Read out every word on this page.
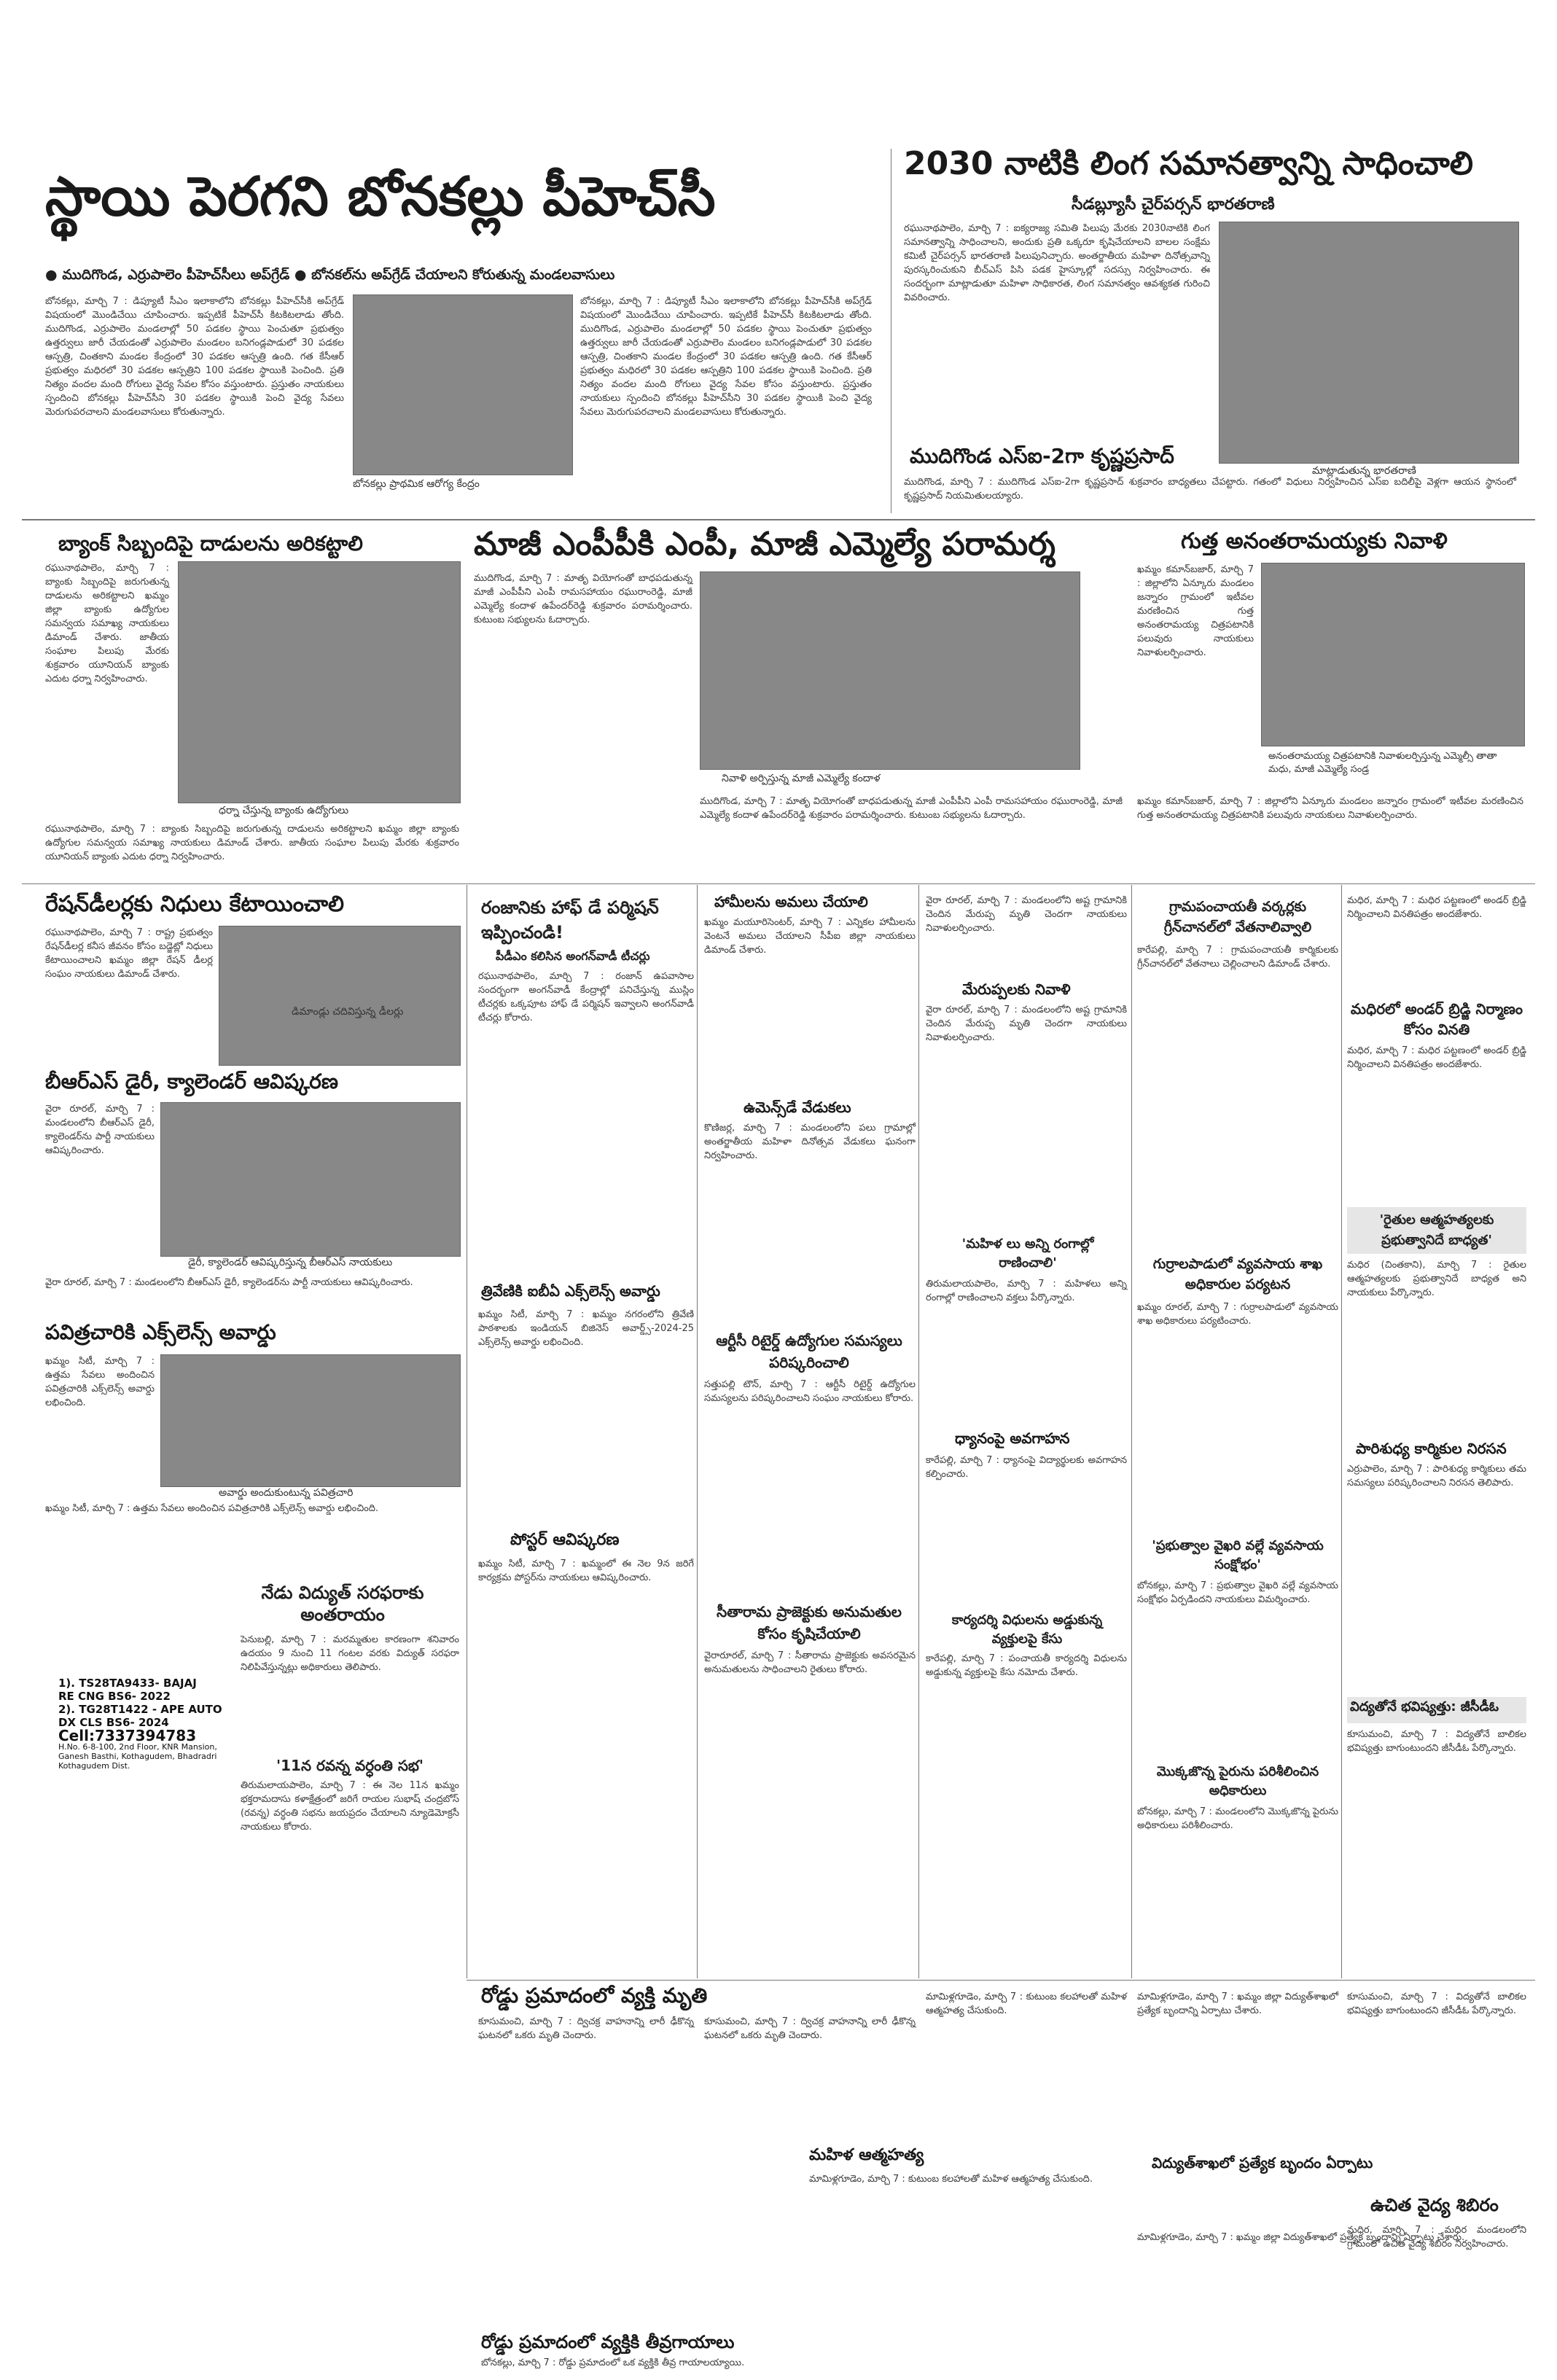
స్థాయి పెరగని బోనకల్లు పీహెచ్‌సీ
● ముదిగొండ, ఎర్రుపాలెం పీహెచ్‌సీలు అప్‌గ్రేడ్ ● బోనకల్‌ను అప్‌గ్రేడ్ చేయాలని కోరుతున్న మండలవాసులు
బోనకల్లు, మార్చి 7 : డిప్యూటీ సీఎం ఇలాకాలోని బోనకల్లు పీహెచ్‌సీకి అప్‌గ్రేడ్ విషయంలో మొండిచేయి చూపించారు. ఇప్పటికే పీహెచ్‌సీ కిటకిటలాడు తోంది. ముదిగొండ, ఎర్రుపాలెం మండలాల్లో 50 పడకల స్థాయి పెంచుతూ ప్రభుత్వం ఉత్తర్వులు జారీ చేయడంతో ఎర్రుపాలెం మండలం బనిగండ్లపాడులో 30 పడకల ఆస్పత్రి, చింతకాని మండల కేంద్రంలో 30 పడకల ఆస్పత్రి ఉంది. గత కేసీఆర్ ప్రభుత్వం మధిరలో 30 పడకల ఆస్పత్రిని 100 పడకల స్థాయికి పెంచింది. ప్రతి నిత్యం వందల మంది రోగులు వైద్య సేవల కోసం వస్తుంటారు. ప్రస్తుతం నాయకులు స్పందించి బోనకల్లు పీహెచ్‌సీని 30 పడకల స్థాయికి పెంచి వైద్య సేవలు మెరుగుపరచాలని మండలవాసులు కోరుతున్నారు.
బోనకల్లు ప్రాథమిక ఆరోగ్య కేంద్రం
బోనకల్లు, మార్చి 7 : డిప్యూటీ సీఎం ఇలాకాలోని బోనకల్లు పీహెచ్‌సీకి అప్‌గ్రేడ్ విషయంలో మొండిచేయి చూపించారు. ఇప్పటికే పీహెచ్‌సీ కిటకిటలాడు తోంది. ముదిగొండ, ఎర్రుపాలెం మండలాల్లో 50 పడకల స్థాయి పెంచుతూ ప్రభుత్వం ఉత్తర్వులు జారీ చేయడంతో ఎర్రుపాలెం మండలం బనిగండ్లపాడులో 30 పడకల ఆస్పత్రి, చింతకాని మండల కేంద్రంలో 30 పడకల ఆస్పత్రి ఉంది. గత కేసీఆర్ ప్రభుత్వం మధిరలో 30 పడకల ఆస్పత్రిని 100 పడకల స్థాయికి పెంచింది. ప్రతి నిత్యం వందల మంది రోగులు వైద్య సేవల కోసం వస్తుంటారు. ప్రస్తుతం నాయకులు స్పందించి బోనకల్లు పీహెచ్‌సీని 30 పడకల స్థాయికి పెంచి వైద్య సేవలు మెరుగుపరచాలని మండలవాసులు కోరుతున్నారు.
2030 నాటికి లింగ సమానత్వాన్ని సాధించాలి
సీడబ్ల్యూసీ చైర్‌పర్సన్ భారతరాణి
రఘునాథపాలెం, మార్చి 7 : ఐక్యరాజ్య సమితి పిలుపు మేరకు 2030నాటికి లింగ సమానత్వాన్ని సాధించాలని, అందుకు ప్రతి ఒక్కరూ కృషిచేయాలని బాలల సంక్షేమ కమిటీ చైర్‌పర్సన్ భారతరాణి పిలుపునిచ్చారు. అంతర్జాతీయ మహిళా దినోత్సవాన్ని పురస్కరించుకుని బీచ్‌ఎస్ పిసి పడక హైస్కూల్లో సదస్సు నిర్వహించారు. ఈ సందర్భంగా మాట్లాడుతూ మహిళా సాధికారత, లింగ సమానత్వం ఆవశ్యకత గురించి వివరించారు.
మాట్లాడుతున్న భారతరాణి
ముదిగొండ ఎస్ఐ-2గా కృష్ణప్రసాద్
ముదిగొండ, మార్చి 7 : ముదిగొండ ఎస్ఐ-2గా కృష్ణప్రసాద్ శుక్రవారం బాధ్యతలు చేపట్టారు. గతంలో విధులు నిర్వహించిన ఎస్ఐ బదిలీపై వెళ్లగా ఆయన స్థానంలో కృష్ణప్రసాద్ నియమితులయ్యారు.
బ్యాంక్ సిబ్బందిపై దాడులను అరికట్టాలి
రఘునాథపాలెం, మార్చి 7 : బ్యాంకు సిబ్బందిపై జరుగుతున్న దాడులను అరికట్టాలని ఖమ్మం జిల్లా బ్యాంకు ఉద్యోగుల సమన్వయ సమాఖ్య నాయకులు డిమాండ్ చేశారు. జాతీయ సంఘాల పిలుపు మేరకు శుక్రవారం యూనియన్ బ్యాంకు ఎదుట ధర్నా నిర్వహించారు.
ధర్నా చేస్తున్న బ్యాంకు ఉద్యోగులు
రఘునాథపాలెం, మార్చి 7 : బ్యాంకు సిబ్బందిపై జరుగుతున్న దాడులను అరికట్టాలని ఖమ్మం జిల్లా బ్యాంకు ఉద్యోగుల సమన్వయ సమాఖ్య నాయకులు డిమాండ్ చేశారు. జాతీయ సంఘాల పిలుపు మేరకు శుక్రవారం యూనియన్ బ్యాంకు ఎదుట ధర్నా నిర్వహించారు.
మాజీ ఎంపీపీకి ఎంపీ, మాజీ ఎమ్మెల్యే పరామర్శ
ముదిగొండ, మార్చి 7 : మాతృ వియోగంతో బాధపడుతున్న మాజీ ఎంపీపీని ఎంపీ రామసహాయం రఘురాంరెడ్డి, మాజీ ఎమ్మెల్యే కందాళ ఉపేందర్‌రెడ్డి శుక్రవారం పరామర్శించారు. కుటుంబ సభ్యులను ఓదార్చారు.
నివాళి అర్పిస్తున్న మాజీ ఎమ్మెల్యే కందాళ
ముదిగొండ, మార్చి 7 : మాతృ వియోగంతో బాధపడుతున్న మాజీ ఎంపీపీని ఎంపీ రామసహాయం రఘురాంరెడ్డి, మాజీ ఎమ్మెల్యే కందాళ ఉపేందర్‌రెడ్డి శుక్రవారం పరామర్శించారు. కుటుంబ సభ్యులను ఓదార్చారు.
గుత్త అనంతరామయ్యకు నివాళి
ఖమ్మం కమాన్‌బజార్, మార్చి 7 : జిల్లాలోని ఏన్కూరు మండలం జన్నారం గ్రామంలో ఇటీవల మరణించిన గుత్త అనంతరామయ్య చిత్రపటానికి పలువురు నాయకులు నివాళులర్పించారు.
అనంతరామయ్య చిత్రపటానికి నివాళులర్పిస్తున్న ఎమ్మెల్సీ తాతా మధు, మాజీ ఎమ్మెల్యే సండ్ర
ఖమ్మం కమాన్‌బజార్, మార్చి 7 : జిల్లాలోని ఏన్కూరు మండలం జన్నారం గ్రామంలో ఇటీవల మరణించిన గుత్త అనంతరామయ్య చిత్రపటానికి పలువురు నాయకులు నివాళులర్పించారు.
రేషన్‌డీలర్లకు నిధులు కేటాయించాలి
రఘునాథపాలెం, మార్చి 7 : రాష్ట్ర ప్రభుత్వం రేషన్‌డీలర్ల కనీస జీవనం కోసం బడ్జెట్లో నిధులు కేటాయించాలని ఖమ్మం జిల్లా రేషన్ డీలర్ల సంఘం నాయకులు డిమాండ్ చేశారు.
డిమాండ్లు చదివిస్తున్న డీలర్లు
బీఆర్ఎస్ డైరీ, క్యాలెండర్ ఆవిష్కరణ
వైరా రూరల్, మార్చి 7 : మండలంలోని బీఆర్ఎస్ డైరీ, క్యాలెండర్‌ను పార్టీ నాయకులు ఆవిష్కరించారు.
డైరీ, క్యాలెండర్ ఆవిష్కరిస్తున్న బీఆర్ఎస్ నాయకులు
వైరా రూరల్, మార్చి 7 : మండలంలోని బీఆర్ఎస్ డైరీ, క్యాలెండర్‌ను పార్టీ నాయకులు ఆవిష్కరించారు.
పవిత్రచారికి ఎక్స్‌లెన్స్ అవార్డు
ఖమ్మం సిటీ, మార్చి 7 : ఉత్తమ సేవలు అందించిన పవిత్రచారికి ఎక్స్‌లెన్స్ అవార్డు లభించింది.
అవార్డు అందుకుంటున్న పవిత్రచారి
ఖమ్మం సిటీ, మార్చి 7 : ఉత్తమ సేవలు అందించిన పవిత్రచారికి ఎక్స్‌లెన్స్ అవార్డు లభించింది.
నేడు విద్యుత్ సరఫరాకు అంతరాయం
పెనుబల్లి, మార్చి 7 : మరమ్మతుల కారణంగా శనివారం ఉదయం 9 నుంచి 11 గంటల వరకు విద్యుత్ సరఫరా నిలిపివేస్తున్నట్లు అధికారులు తెలిపారు.
1). TS28TA9433- BAJAJ
RE CNG BS6- 2022
2). TG28T1422 - APE AUTO
DX CLS BS6- 2024
Cell:7337394783
H.No. 6-8-100, 2nd Floor, KNR Mansion, Ganesh Basthi, Kothagudem, Bhadradri Kothagudem Dist.	'11న రవన్న వర్ధంతి సభ'
తిరుమలాయపాలెం, మార్చి 7 : ఈ నెల 11న ఖమ్మం భక్తరామదాసు కళాక్షేత్రంలో జరిగే రాయల సుభాష్ చంద్రబోస్ (రవన్న) వర్ధంతి సభను జయప్రదం చేయాలని న్యూడెమోక్రసీ నాయకులు కోరారు.
రంజానికు హాఫ్ డే పర్మిషన్ ఇప్పించండి!
పీడీఎం కలిసిన అంగన్‌వాడీ టీచర్లు
రఘునాథపాలెం, మార్చి 7 : రంజాన్ ఉపవాసాల సందర్భంగా అంగన్‌వాడీ కేంద్రాల్లో పనిచేస్తున్న ముస్లిం టీచర్లకు ఒక్కపూట హాఫ్ డే పర్మిషన్ ఇవ్వాలని అంగన్‌వాడీ టీచర్లు కోరారు.
త్రివేణికి ఐబీఏ ఎక్స్‌లెన్స్ అవార్డు
ఖమ్మం సిటీ, మార్చి 7 : ఖమ్మం నగరంలోని త్రివేణి పాఠశాలకు ఇండియన్ బిజినెస్ అవార్డ్స్-2024-25 ఎక్స్‌లెన్స్ అవార్డు లభించింది.
పోస్టర్ ఆవిష్కరణ
ఖమ్మం సిటీ, మార్చి 7 : ఖమ్మంలో ఈ నెల 9న జరిగే కార్యక్రమ పోస్టర్‌ను నాయకులు ఆవిష్కరించారు.
హామీలను అమలు చేయాలి
ఖమ్మం మయూరిసెంటర్, మార్చి 7 : ఎన్నికల హామీలను వెంటనే అమలు చేయాలని సీపీఐ జిల్లా నాయకులు డిమాండ్ చేశారు.
ఉమెన్స్‌డే వేడుకలు
కొణిజర్ల, మార్చి 7 : మండలంలోని పలు గ్రామాల్లో అంతర్జాతీయ మహిళా దినోత్సవ వేడుకలు ఘనంగా నిర్వహించారు.
ఆర్టీసీ రిటైర్డ్ ఉద్యోగుల సమస్యలు పరిష్కరించాలి
సత్తుపల్లి టౌన్, మార్చి 7 : ఆర్టీసీ రిటైర్డ్ ఉద్యోగుల సమస్యలను పరిష్కరించాలని సంఘం నాయకులు కోరారు.
సీతారామ ప్రాజెక్టుకు అనుమతుల కోసం కృషిచేయాలి
వైరారూరల్, మార్చి 7 : సీతారామ ప్రాజెక్టుకు అవసరమైన అనుమతులను సాధించాలని రైతులు కోరారు.
వైరా రూరల్, మార్చి 7 : మండలంలోని అష్ట గ్రామానికి చెందిన మేరుప్ప మృతి చెందగా నాయకులు నివాళులర్పించారు.
మేరుప్పలకు నివాళి
వైరా రూరల్, మార్చి 7 : మండలంలోని అష్ట గ్రామానికి చెందిన మేరుప్ప మృతి చెందగా నాయకులు నివాళులర్పించారు.
'మహిళ లు అన్ని రంగాల్లో రాణించాలి'
తిరుమలాయపాలెం, మార్చి 7 : మహిళలు అన్ని రంగాల్లో రాణించాలని వక్తలు పేర్కొన్నారు.
ధ్యానంపై అవగాహన
కారేపల్లి, మార్చి 7 : ధ్యానంపై విద్యార్థులకు అవగాహన కల్పించారు.
కార్యదర్శి విధులను అడ్డుకున్న వ్యక్తులపై కేసు
కారేపల్లి, మార్చి 7 : పంచాయతీ కార్యదర్శి విధులను అడ్డుకున్న వ్యక్తులపై కేసు నమోదు చేశారు.
గ్రామపంచాయతీ వర్కర్లకు గ్రీన్‌చానల్‌లో వేతనాలివ్వాలి
కారేపల్లి, మార్చి 7 : గ్రామపంచాయతీ కార్మికులకు గ్రీన్‌చానల్‌లో వేతనాలు చెల్లించాలని డిమాండ్ చేశారు.
గుర్రాలపాడులో వ్యవసాయ శాఖ అధికారుల పర్యటన
ఖమ్మం రూరల్, మార్చి 7 : గుర్రాలపాడులో వ్యవసాయ శాఖ అధికారులు పర్యటించారు.
'ప్రభుత్వాల వైఖరి వల్లే వ్యవసాయ సంక్షోభం'
బోనకల్లు, మార్చి 7 : ప్రభుత్వాల వైఖరి వల్లే వ్యవసాయ సంక్షోభం ఏర్పడిందని నాయకులు విమర్శించారు.
మొక్కజొన్న పైరును పరిశీలించిన అధికారులు
బోనకల్లు, మార్చి 7 : మండలంలోని మొక్కజొన్న పైరును అధికారులు పరిశీలించారు.
మధిర, మార్చి 7 : మధిర పట్టణంలో అండర్ బ్రిడ్జి నిర్మించాలని వినతిపత్రం అందజేశారు.
మధిరలో అండర్ బ్రిడ్జి నిర్మాణం కోసం వినతి
మధిర, మార్చి 7 : మధిర పట్టణంలో అండర్ బ్రిడ్జి నిర్మించాలని వినతిపత్రం అందజేశారు.
'రైతుల ఆత్మహత్యలకు ప్రభుత్వానిదే బాధ్యత'
మధిర (చింతకాని), మార్చి 7 : రైతుల ఆత్మహత్యలకు ప్రభుత్వానిదే బాధ్యత అని నాయకులు పేర్కొన్నారు.
పారిశుధ్య కార్మికుల నిరసన
ఎర్రుపాలెం, మార్చి 7 : పారిశుధ్య కార్మికులు తమ సమస్యలు పరిష్కరించాలని నిరసన తెలిపారు.
విద్యతోనే భవిష్యత్తు: జీసీడీఓ
కూసుమంచి, మార్చి 7 : విద్యతోనే బాలికల భవిష్యత్తు బాగుంటుందని జీసీడీఓ పేర్కొన్నారు.
రోడ్డు ప్రమాదంలో వ్యక్తి మృతి
కూసుమంచి, మార్చి 7 : ద్విచక్ర వాహనాన్ని లారీ ఢీకొన్న ఘటనలో ఒకరు మృతి చెందారు.
కూసుమంచి, మార్చి 7 : ద్విచక్ర వాహనాన్ని లారీ ఢీకొన్న ఘటనలో ఒకరు మృతి చెందారు.
మహిళ ఆత్మహత్య
మామిళ్లగూడెం, మార్చి 7 : కుటుంబ కలహాలతో మహిళ ఆత్మహత్య చేసుకుంది.
మామిళ్లగూడెం, మార్చి 7 : కుటుంబ కలహాలతో మహిళ ఆత్మహత్య చేసుకుంది.
రోడ్డు ప్రమాదంలో వ్యక్తికి తీవ్రగాయాలు
బోనకల్లు, మార్చి 7 : రోడ్డు ప్రమాదంలో ఒక వ్యక్తికి తీవ్ర గాయాలయ్యాయి.
మామిళ్లగూడెం, మార్చి 7 : ఖమ్మం జిల్లా విద్యుత్‌శాఖలో ప్రత్యేక బృందాన్ని ఏర్పాటు చేశారు.
విద్యుత్‌శాఖలో ప్రత్యేక బృందం ఏర్పాటు
మామిళ్లగూడెం, మార్చి 7 : ఖమ్మం జిల్లా విద్యుత్‌శాఖలో ప్రత్యేక బృందాన్ని ఏర్పాటు చేశారు.
కూసుమంచి, మార్చి 7 : విద్యతోనే బాలికల భవిష్యత్తు బాగుంటుందని జీసీడీఓ పేర్కొన్నారు.
ఉచిత వైద్య శిబిరం
మధిర, మార్చి 7 : మధిర మండలంలోని గ్రామంలో ఉచిత వైద్య శిబిరం నిర్వహించారు.
